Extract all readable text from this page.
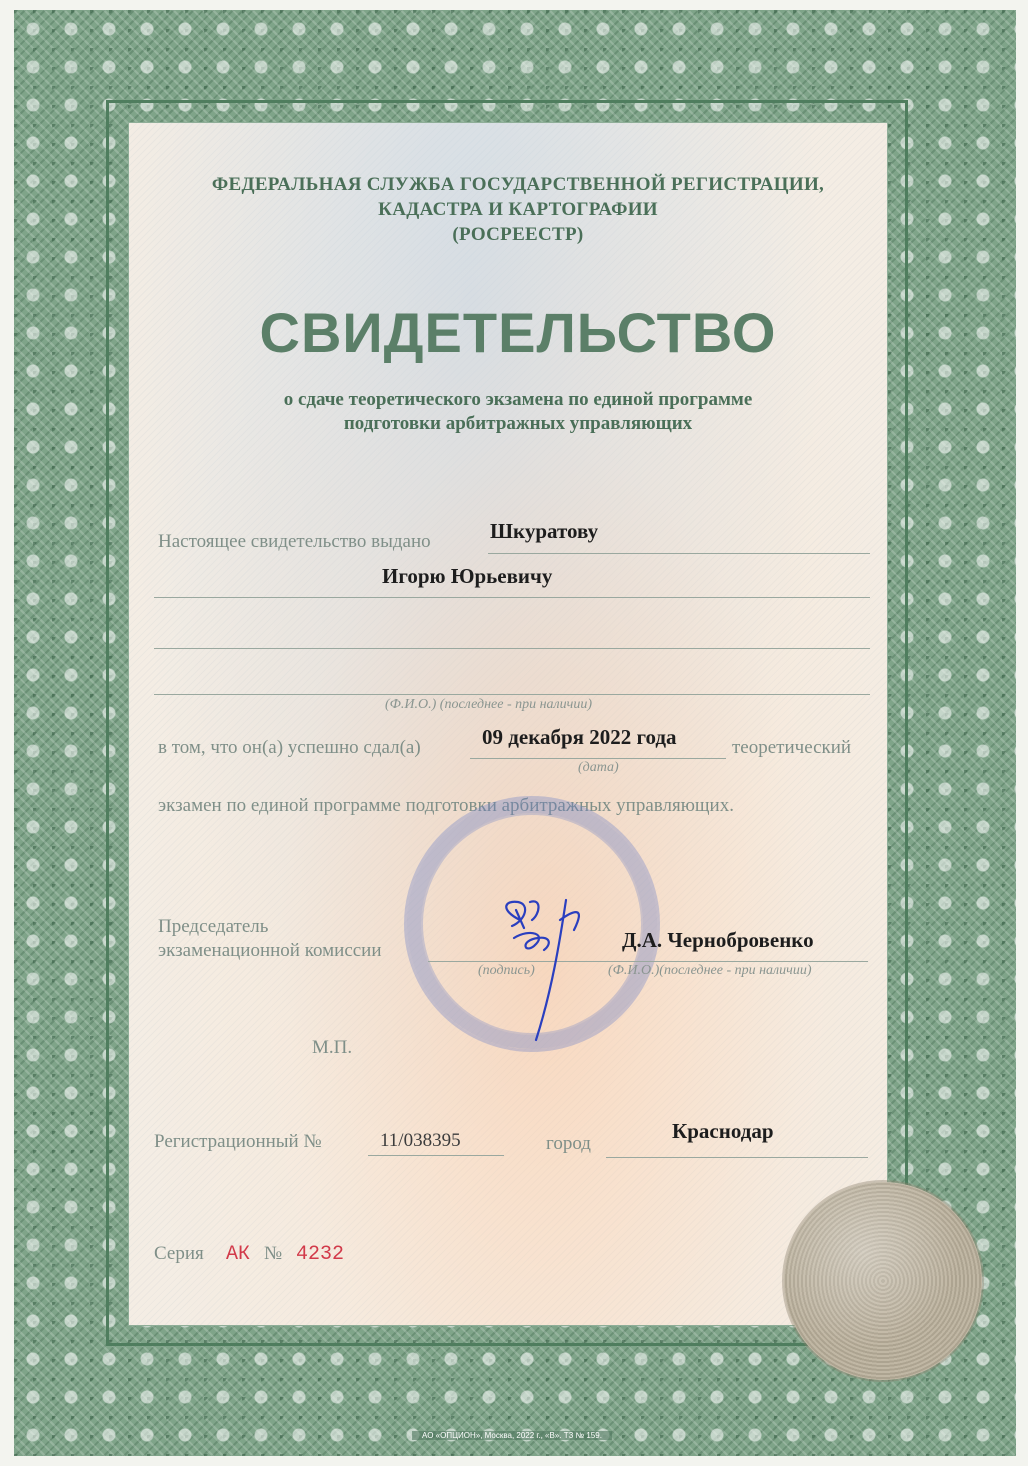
ФЕДЕРАЛЬНАЯ СЛУЖБА ГОСУДАРСТВЕННОЙ РЕГИСТРАЦИИ,
КАДАСТРА И КАРТОГРАФИИ
(РОСРЕЕСТР)
СВИДЕТЕЛЬСТВО
о сдаче теоретического экзамена по единой программе
подготовки арбитражных управляющих
Настоящее свидетельство выдано	Шкуратову
Игорю Юрьевичу
(Ф.И.О.) (последнее - при наличии)
в том, что он(а) успешно сдал(а)	09 декабря 2022 года
(дата)
теоретический
экзамен по единой программе подготовки арбитражных управляющих.
Председатель
экзаменационной комиссии
(подпись)
Д.А. Чернобровенко
(Ф.И.О.)(последнее - при наличии)
М.П.
Регистрационный №	11/038395	город
Краснодар
Серия АК № 4232
АО «ОПЦИОН», Москва, 2022 г., «В». ТЗ № 159.
